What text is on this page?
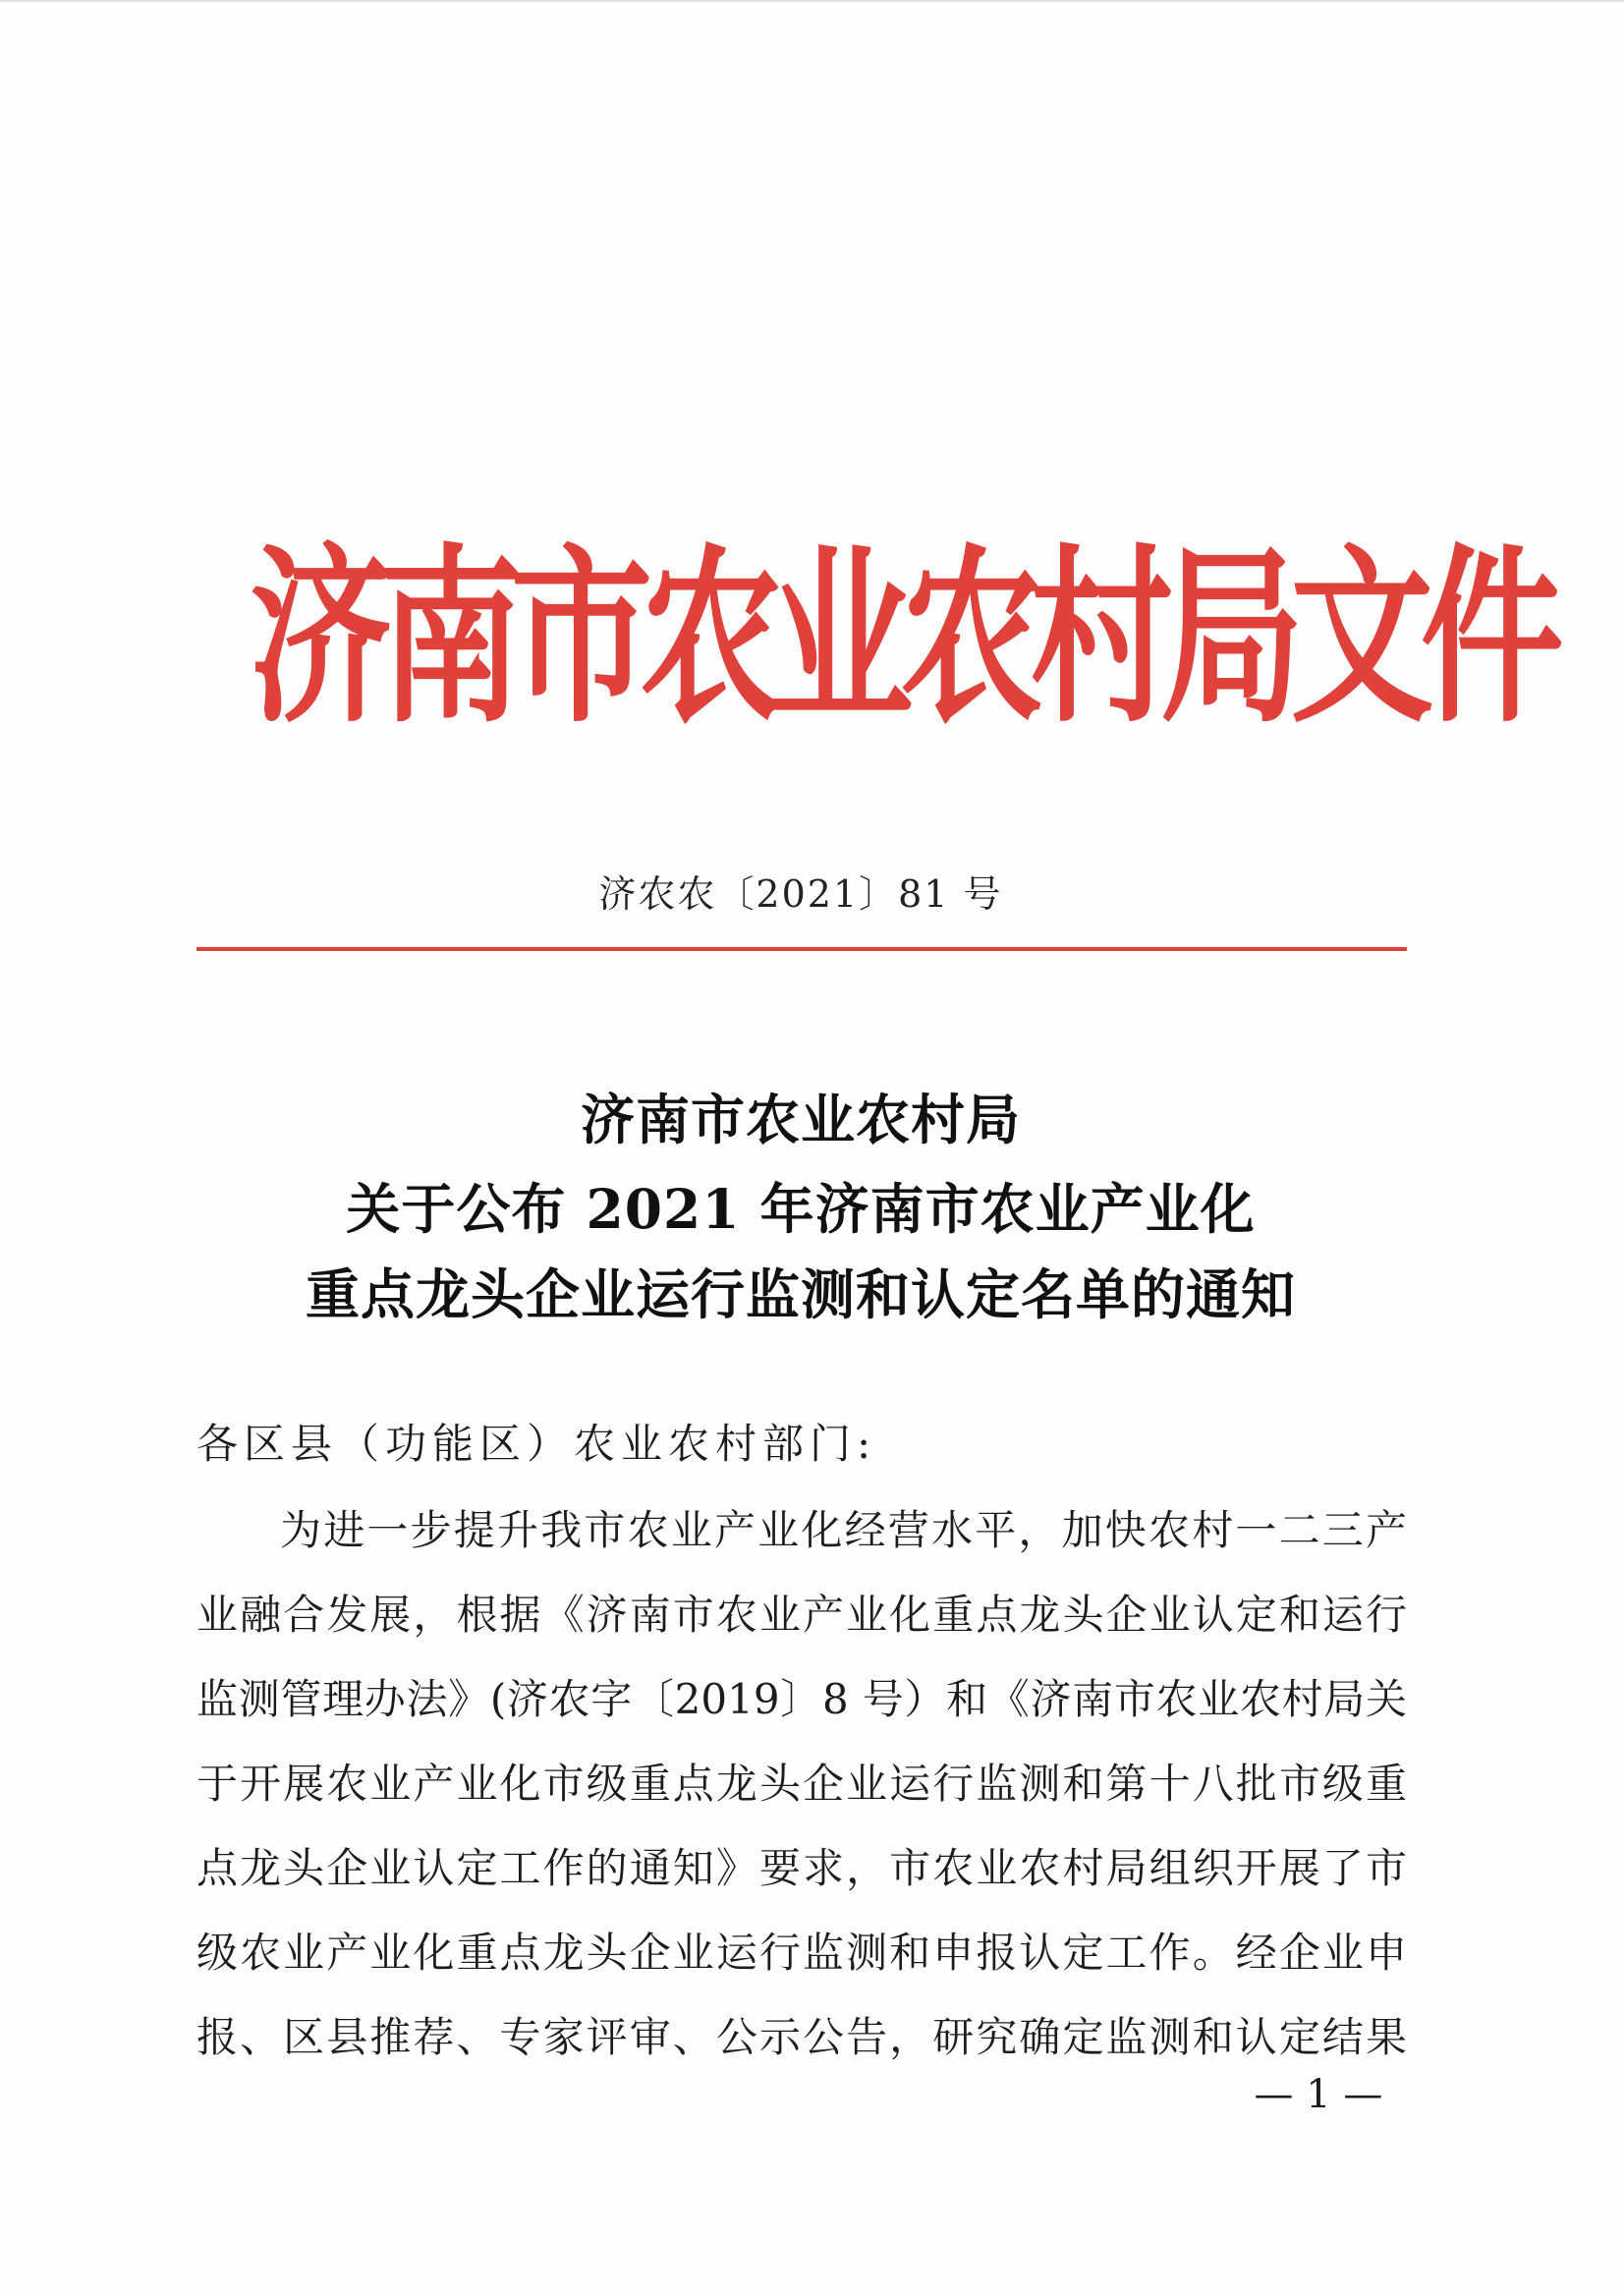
济南市农业农村局文件
济农农〔2021〕81 号
济南市农业农村局
关于公布 2021 年济南市农业产业化
重点龙头企业运行监测和认定名单的通知
各区县（功能区）农业农村部门:
为进一步提升我市农业产业化经营水平，加快农村一二三产
业融合发展，根据《济南市农业产业化重点龙头企业认定和运行
监测管理办法》(济农字〔2019〕8 号）和《济南市农业农村局关
于开展农业产业化市级重点龙头企业运行监测和第十八批市级重
点龙头企业认定工作的通知》要求，市农业农村局组织开展了市
级农业产业化重点龙头企业运行监测和申报认定工作。经企业申
报、区县推荐、专家评审、公示公告，研究确定监测和认定结果
— 1 —
